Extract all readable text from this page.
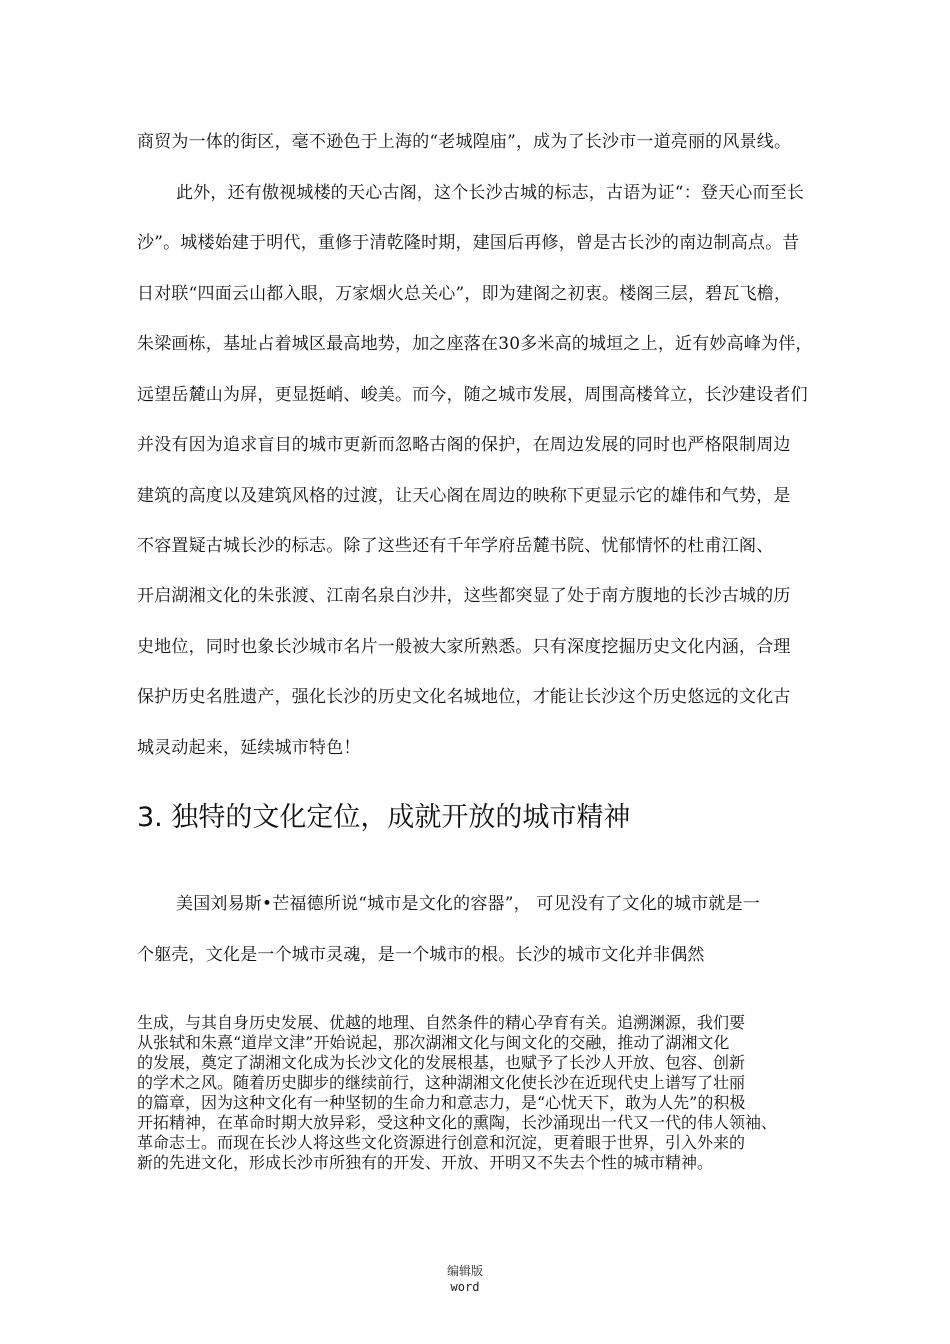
商贸为一体的街区，毫不逊色于上海的“老城隍庙”，成为了长沙市一道亮丽的风景线。
此外，还有傲视城楼的天心古阁，这个长沙古城的标志，古语为证“：登天心而至长
沙”。城楼始建于明代，重修于清乾隆时期，建国后再修，曾是古长沙的南边制高点。昔
日对联“四面云山都入眼，万家烟火总关心”，即为建阁之初衷。楼阁三层，碧瓦飞檐，
朱梁画栋，基址占着城区最高地势，加之座落在30多米高的城垣之上，近有妙高峰为伴，
远望岳麓山为屏，更显挺峭、峻美。而今，随之城市发展，周围高楼耸立，长沙建设者们
并没有因为追求盲目的城市更新而忽略古阁的保护，在周边发展的同时也严格限制周边
建筑的高度以及建筑风格的过渡，让天心阁在周边的映称下更显示它的雄伟和气势，是
不容置疑古城长沙的标志。除了这些还有千年学府岳麓书院、忧郁情怀的杜甫江阁、
开启湖湘文化的朱张渡、江南名泉白沙井，这些都突显了处于南方腹地的长沙古城的历
史地位，同时也象长沙城市名片一般被大家所熟悉。只有深度挖掘历史文化内涵，合理
保护历史名胜遗产，强化长沙的历史文化名城地位，才能让长沙这个历史悠远的文化古
城灵动起来，延续城市特色！
3. 独特的文化定位，成就开放的城市精神
美国刘易斯•芒福德所说“城市是文化的容器”， 可见没有了文化的城市就是一
个躯壳，文化是一个城市灵魂，是一个城市的根。长沙的城市文化并非偶然
生成，与其自身历史发展、优越的地理、自然条件的精心孕育有关。追溯渊源，我们要
从张轼和朱熹“道岸文津”开始说起，那次湖湘文化与闽文化的交融，推动了湖湘文化
的发展，奠定了湖湘文化成为长沙文化的发展根基，也赋予了长沙人开放、包容、创新
的学术之风。随着历史脚步的继续前行，这种湖湘文化使长沙在近现代史上谱写了壮丽
的篇章，因为这种文化有一种坚韧的生命力和意志力，是“心忧天下，敢为人先”的积极
开拓精神，在革命时期大放异彩，受这种文化的熏陶，长沙涌现出一代又一代的伟人领袖、
革命志士。而现在长沙人将这些文化资源进行创意和沉淀，更着眼于世界，引入外来的
新的先进文化，形成长沙市所独有的开发、开放、开明又不失去个性的城市精神。
编辑版
word
